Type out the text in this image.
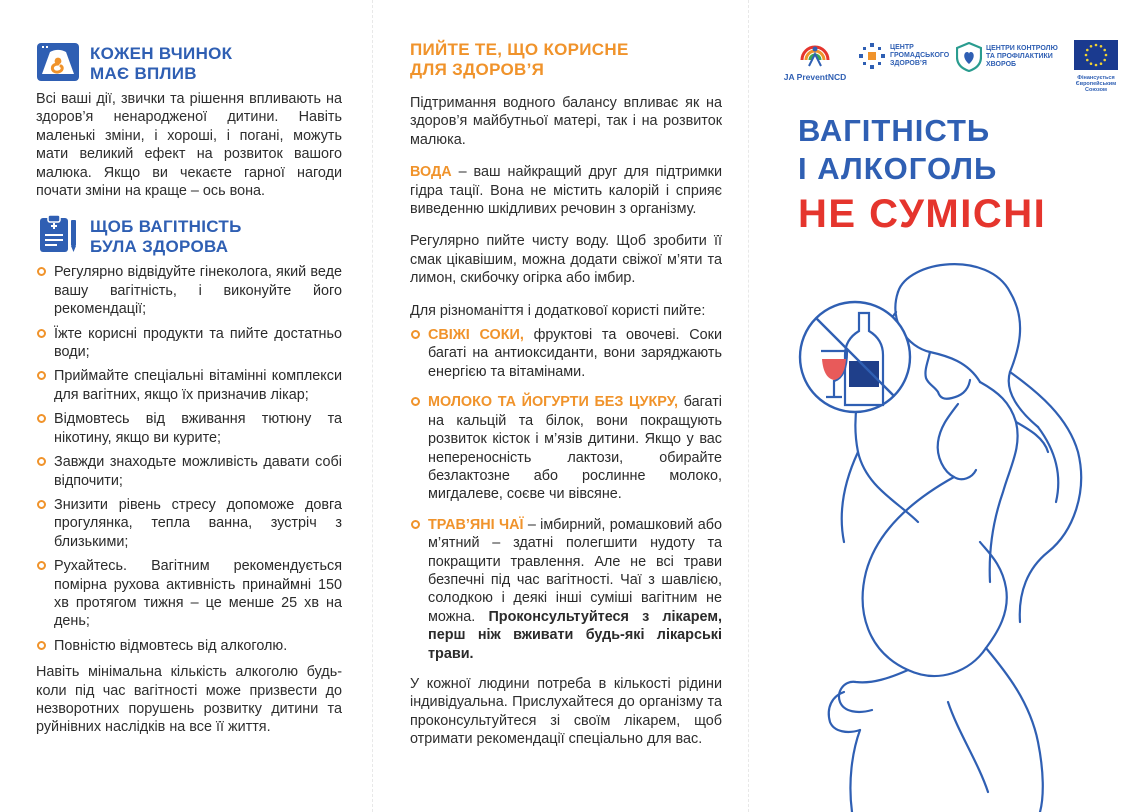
КОЖЕН ВЧИНОК
МАЄ ВПЛИВ

Всі ваші дії, звички та рішення впливають на здоров’я ненародженої дитини. Навіть маленькі зміни, і хороші, і погані, можуть мати великий ефект на розвиток вашого малюка. Якщо ви чекаєте гарної нагоди почати зміни на краще – ось вона.

ЩОБ ВАГІТНІСТЬ
БУЛА ЗДОРОВА
Регулярно відвідуйте гінеколога, який веде вашу вагітність, і виконуйте його рекомендації;
Їжте корисні продукти та пийте достатньо води;
Приймайте спеціальні вітамінні комплекси для вагітних, якщо їх призначив лікар;
Відмовтесь від вживання тютюну та нікотину, якщо ви курите;
Завжди знаходьте можливість давати собі відпочити;
Знизити рівень стресу допоможе довга прогулянка, тепла ванна, зустріч з близькими;
Рухайтесь. Вагітним рекомендується помірна рухова активність принаймні 150 хв протягом тижня – це менше 25 хв на день;
Повністю відмовтесь від алкоголю.

Навіть мінімальна кількість алкоголю будь-коли під час вагітності може призвести до незворотних порушень розвитку дитини та руйнівних наслідків на все її життя.

ПИЙТЕ ТЕ, ЩО КОРИСНЕ
ДЛЯ ЗДОРОВ’Я

Підтримання водного балансу впливає як на здоров’я майбутньої матері, так і на розвиток малюка.

ВОДА – ваш найкращий друг для підтримки гідра тації. Вона не містить калорій і сприяє виведенню шкідливих речовин з організму.

Регулярно пийте чисту воду. Щоб зробити її смак цікавішим, можна додати свіжої м’яти та лимон, скибочку огірка або імбир.

Для різноманіття і додаткової користі пийте:

СВІЖІ СОКИ, фруктові та овочеві. Соки багаті на антиоксиданти, вони заряджають енергією та вітамінами.
МОЛОКО ТА ЙОГУРТИ БЕЗ ЦУКРУ, багаті на кальцій та білок, вони покращують розвиток кісток і м’язів дитини. Якщо у вас непереносність лактози, обирайте безлактозне або рослинне молоко, мигдалеве, соєве чи вівсяне.
ТРАВ’ЯНІ ЧАЇ – імбирний, ромашковий або м’ятний – здатні полегшити нудоту та покращити травлення. Але не всі трави безпечні під час вагітності. Чаї з шавлією, солодкою і деякі інші суміші вагітним не можна. Проконсультуйтеся з лікарем, перш ніж вживати будь-які лікарські трави.

У кожної людини потреба в кількості рідини індивідуальна. Прислухайтеся до організму та проконсультуйтеся зі своїм лікарем, щоб отримати рекомендації спеціально для вас.

JA PreventNCD
ЦЕНТР ГРОМАДСЬКОГО ЗДОРОВ’Я
ЦЕНТРИ КОНТРОЛЮ ТА ПРОФІЛАКТИКИ ХВОРОБ
Фінансується Європейським Союзом
ВАГІТНІСТЬ
І АЛКОГОЛЬ
НЕ СУМІСНІ
